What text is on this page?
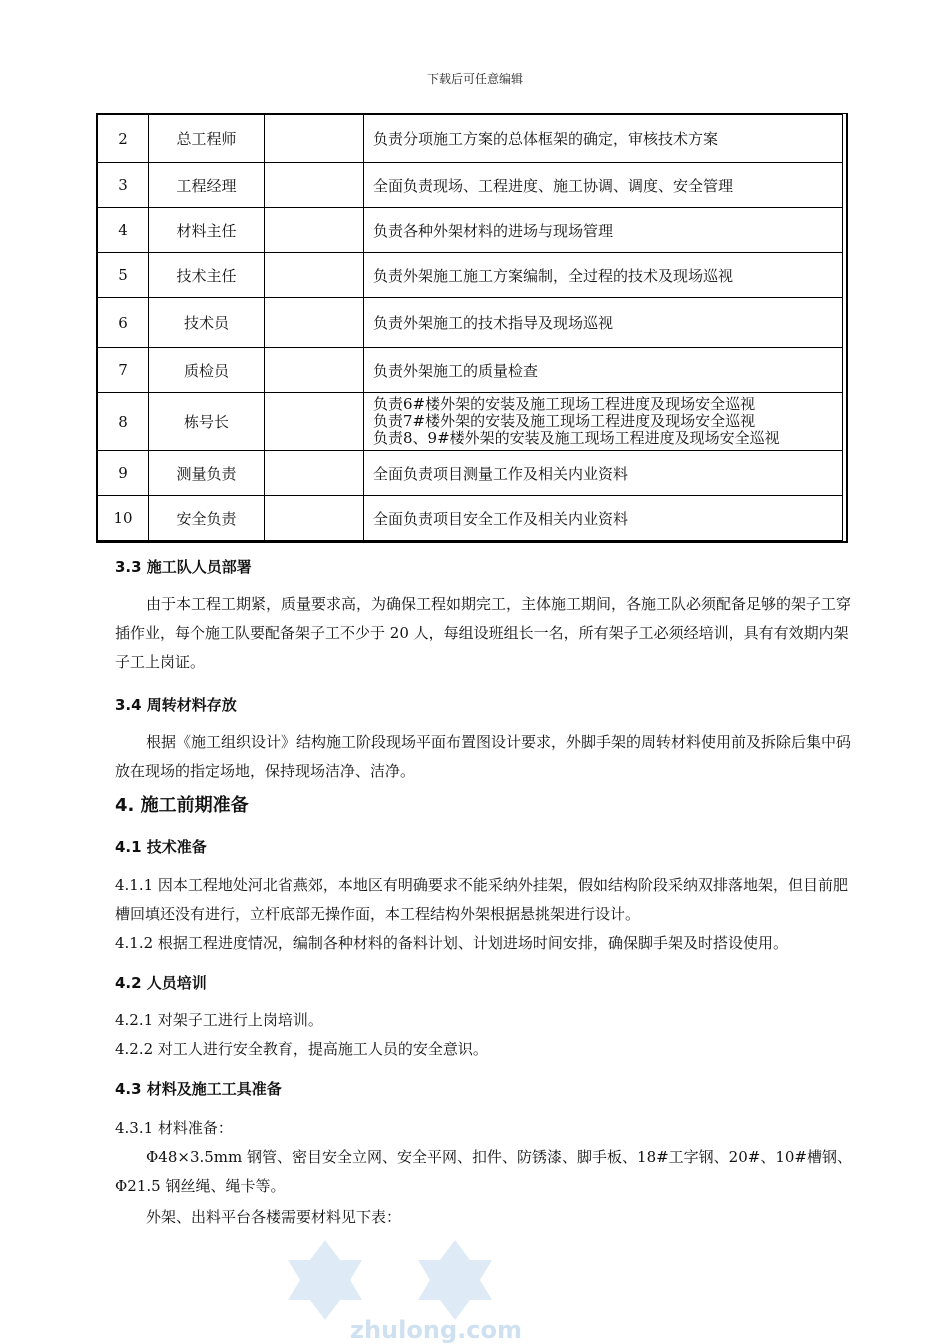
下载后可任意编辑
2	总工程师		负责分项施工方案的总体框架的确定，审核技术方案
3	工程经理		全面负责现场、工程进度、施工协调、调度、安全管理
4	材料主任		负责各种外架材料的进场与现场管理
5	技术主任		负责外架施工施工方案编制，全过程的技术及现场巡视
6	技术员		负责外架施工的技术指导及现场巡视
7	质检员		负责外架施工的质量检查
8	栋号长		负责6#楼外架的安装及施工现场工程进度及现场安全巡视
负责7#楼外架的安装及施工现场工程进度及现场安全巡视
负责8、9#楼外架的安装及施工现场工程进度及现场安全巡视

9	测量负责		全面负责项目测量工作及相关内业资料
10	安全负责		全面负责项目安全工作及相关内业资料
3.3 施工队人员部署

由于本工程工期紧，质量要求高，为确保工程如期完工，主体施工期间，各施工队必须配备足够的架子工穿插作业，每个施工队要配备架子工不少于 20 人，每组设班组长一名，所有架子工必须经培训，具有有效期内架子工上岗证。

3.4 周转材料存放

根据《施工组织设计》结构施工阶段现场平面布置图设计要求，外脚手架的周转材料使用前及拆除后集中码放在现场的指定场地，保持现场洁净、洁净。

4. 施工前期准备
4.1 技术准备

4.1.1 因本工程地处河北省燕郊，本地区有明确要求不能采纳外挂架，假如结构阶段采纳双排落地架，但目前肥槽回填还没有进行，立杆底部无操作面，本工程结构外架根据悬挑架进行设计。

4.1.2 根据工程进度情况，编制各种材料的备料计划、计划进场时间安排，确保脚手架及时搭设使用。

4.2 人员培训

4.2.1 对架子工进行上岗培训。

4.2.2 对工人进行安全教育，提高施工人员的安全意识。

4.3 材料及施工工具准备

4.3.1 材料准备：

Φ48×3.5mm 钢管、密目安全立网、安全平网、扣件、防锈漆、脚手板、18#工字钢、20#、10#槽钢、Φ21.5 钢丝绳、绳卡等。

外架、出料平台各楼需要材料见下表：

zhulong.com
